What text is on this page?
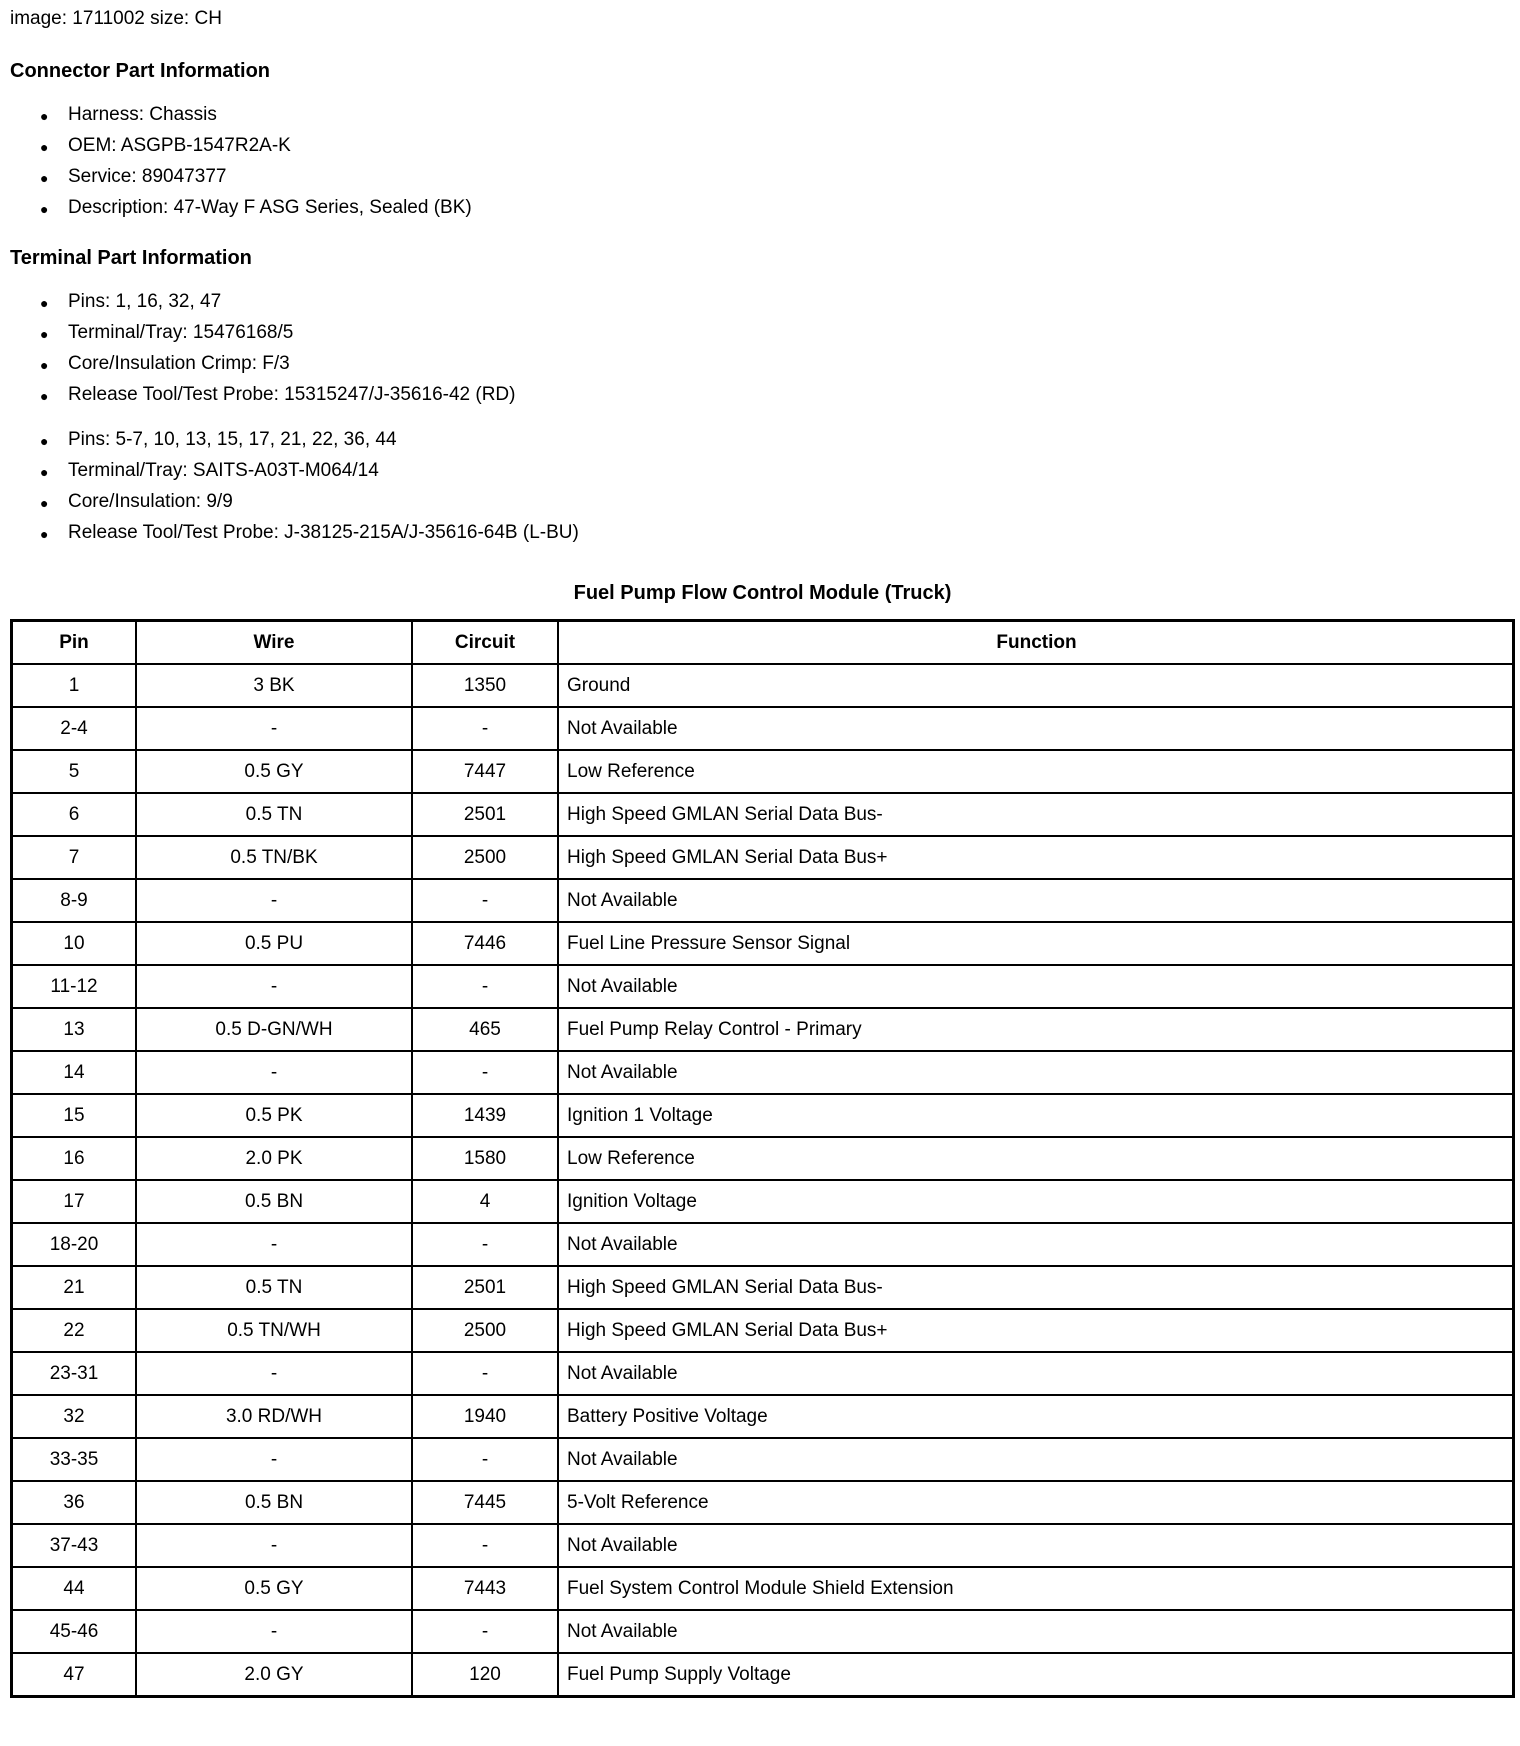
image: 1711002 size: CH
Connector Part Information
● Harness: Chassis
● OEM: ASGPB-1547R2A-K
● Service: 89047377
● Description: 47-Way F ASG Series, Sealed (BK)
Terminal Part Information
● Pins: 1, 16, 32, 47
● Terminal/Tray: 15476168/5
● Core/Insulation Crimp: F/3
● Release Tool/Test Probe: 15315247/J-35616-42 (RD)
● Pins: 5-7, 10, 13, 15, 17, 21, 22, 36, 44
● Terminal/Tray: SAITS-A03T-M064/14
● Core/Insulation: 9/9
● Release Tool/Test Probe: J-38125-215A/J-35616-64B (L-BU)
Fuel Pump Flow Control Module (Truck)
Pin	Wire	Circuit	Function
1	3 BK	1350	Ground
2-4	-	-	Not Available
5	0.5 GY	7447	Low Reference
6	0.5 TN	2501	High Speed GMLAN Serial Data Bus-
7	0.5 TN/BK	2500	High Speed GMLAN Serial Data Bus+
8-9	-	-	Not Available
10	0.5 PU	7446	Fuel Line Pressure Sensor Signal
11-12	-	-	Not Available
13	0.5 D-GN/WH	465	Fuel Pump Relay Control - Primary
14	-	-	Not Available
15	0.5 PK	1439	Ignition 1 Voltage
16	2.0 PK	1580	Low Reference
17	0.5 BN	4	Ignition Voltage
18-20	-	-	Not Available
21	0.5 TN	2501	High Speed GMLAN Serial Data Bus-
22	0.5 TN/WH	2500	High Speed GMLAN Serial Data Bus+
23-31	-	-	Not Available
32	3.0 RD/WH	1940	Battery Positive Voltage
33-35	-	-	Not Available
36	0.5 BN	7445	5-Volt Reference
37-43	-	-	Not Available
44	0.5 GY	7443	Fuel System Control Module Shield Extension
45-46	-	-	Not Available
47	2.0 GY	120	Fuel Pump Supply Voltage
